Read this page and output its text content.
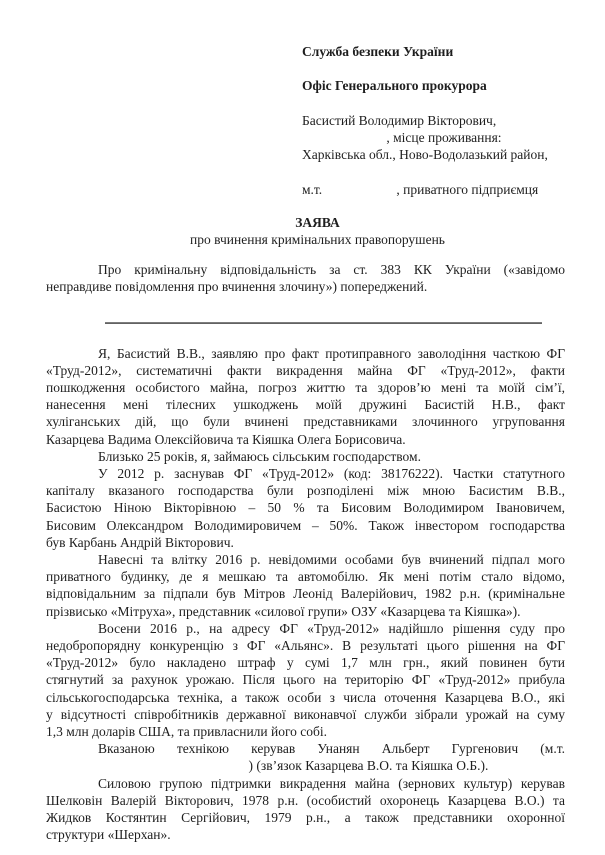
Служба безпеки України
Офіс Генерального прокурора
Басистий Володимир Вікторович,
, місце проживання:
Харківська обл., Ново-Водолазький район,
м.т.                      , приватного підприємця
ЗАЯВА
про вчинення кримінальних правопорушень
Про кримінальну відповідальність за ст. 383 КК України («завідомо
неправдиве повідомлення про вчинення злочину») попереджений.
Я, Басистий В.В., заявляю про факт протиправного заволодіння часткою ФГ
«Труд-2012», систематичні факти викрадення майна ФГ «Труд-2012», факти
пошкодження особистого майна, погроз життю та здоров’ю мені та моїй сім’ї,
нанесення мені тілесних ушкоджень моїй дружині Басистій Н.В., факт
хуліганських дій, що були вчинені представниками злочинного угруповання
Казарцева Вадима Олексійовича та Кіяшка Олега Борисовича.
Близько 25 років, я, займаюсь сільським господарством.
У 2012 р. заснував ФГ «Труд-2012» (код: 38176222). Частки статутного
капіталу вказаного господарства були розподілені між мною Басистим В.В.,
Басистою Ніною Вікторівною – 50 % та Бисовим Володимиром Івановичем,
Бисовим Олександром Володимировичем – 50%. Також інвестором господарства
був Карбань Андрій Вікторович.
Навесні та влітку 2016 р. невідомими особами був вчинений підпал мого
приватного будинку, де я мешкаю та автомобілю. Як мені потім стало відомо,
відповідальним за підпали був Мітров Леонід Валерійович, 1982 р.н. (кримінальне
прізвисько «Мітруха», представник «силової групи» ОЗУ «Казарцева та Кіяшка»).
Восени 2016 р., на адресу ФГ «Труд-2012» надійшло рішення суду про
недобропорядну конкуренцію з ФГ «Альянс». В результаті цього рішення на ФГ
«Труд-2012» було накладено штраф у сумі 1,7 млн грн., який повинен бути
стягнутий за рахунок урожаю. Після цього на територію ФГ «Труд-2012» прибула
сільськогосподарська техніка, а також особи з числа оточення Казарцева В.О., які
у відсутності співробітників державної виконавчої служби зібрали урожай на суму
1,3 млн доларів США, та привласнили його собі.
Вказаною технікою керував Унанян Альберт Гургенович (м.т.
) (зв’язок Казарцева В.О. та Кіяшка О.Б.).
Силовою групою підтримки викрадення майна (зернових культур) керував
Шелковін Валерій Вікторович, 1978 р.н. (особистий охоронець Казарцева В.О.) та
Жидков Костянтин Сергійович, 1979 р.н., а також представники охоронної
структури «Шерхан».
